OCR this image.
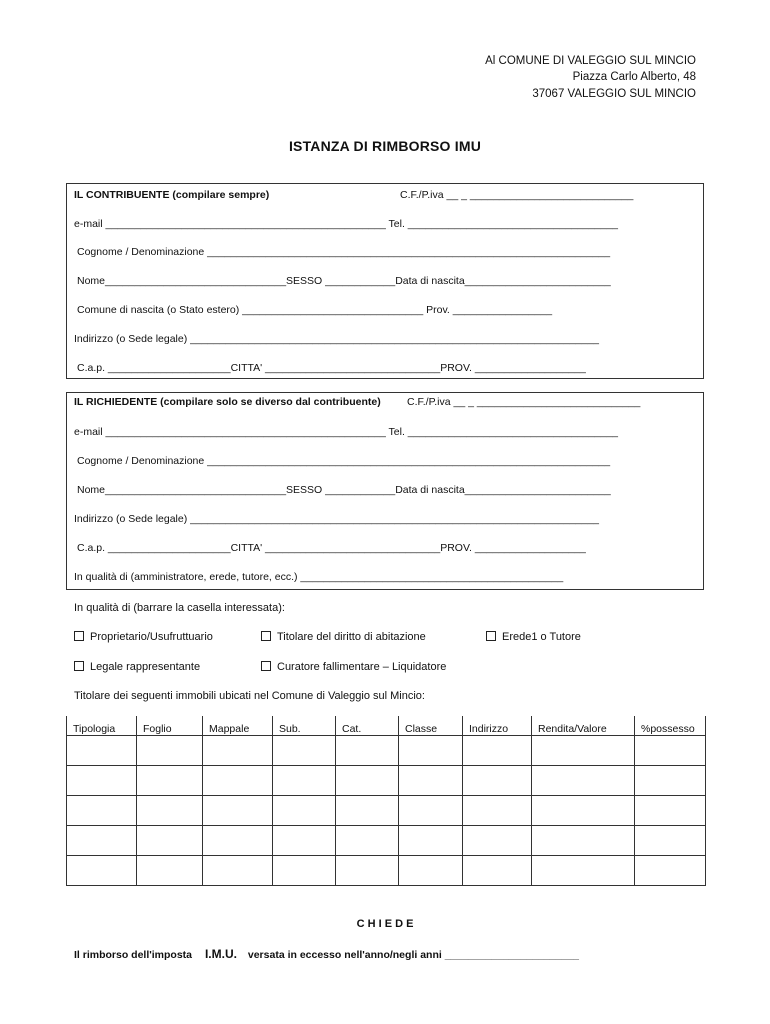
Al COMUNE DI VALEGGIO SUL MINCIO
Piazza Carlo Alberto, 48
37067 VALEGGIO SUL MINCIO
ISTANZA DI RIMBORSO IMU
IL CONTRIBUENTE (compilare sempre)	C.F./P.iva __ _ ____________________________
e-mail ________________________________________________ Tel. ____________________________________
Cognome / Denominazione _____________________________________________________________________
Nome_______________________________SESSO ____________Data di nascita_________________________
Comune di nascita (o Stato estero) _______________________________ Prov. _________________
Indirizzo (o Sede legale) ______________________________________________________________________
C.a.p. _____________________CITTA' ______________________________PROV. ___________________
IL RICHIEDENTE (compilare solo se diverso dal contribuente)	C.F./P.iva __ _ ____________________________
e-mail ________________________________________________ Tel. ____________________________________
Cognome / Denominazione _____________________________________________________________________
Nome_______________________________SESSO ____________Data di nascita_________________________
Indirizzo (o Sede legale) ______________________________________________________________________
C.a.p. _____________________CITTA' ______________________________PROV. ___________________
In qualità di (amministratore, erede, tutore, ecc.) _____________________________________________
In qualità di (barrare la casella interessata):
Proprietario/Usufruttuario	Titolare del diritto di abitazione	Erede1 o Tutore
Legale rappresentante	Curatore fallimentare – Liquidatore
Titolare dei seguenti immobili ubicati nel Comune di Valeggio sul Mincio:
Tipologia	Foglio	Mappale	Sub.	Cat.	Classe	Indirizzo	Rendita/Valore	%possesso

C H I E D E
Il rimborso dell'imposta I.M.U. versata in eccesso nell'anno/negli anni _______________________
